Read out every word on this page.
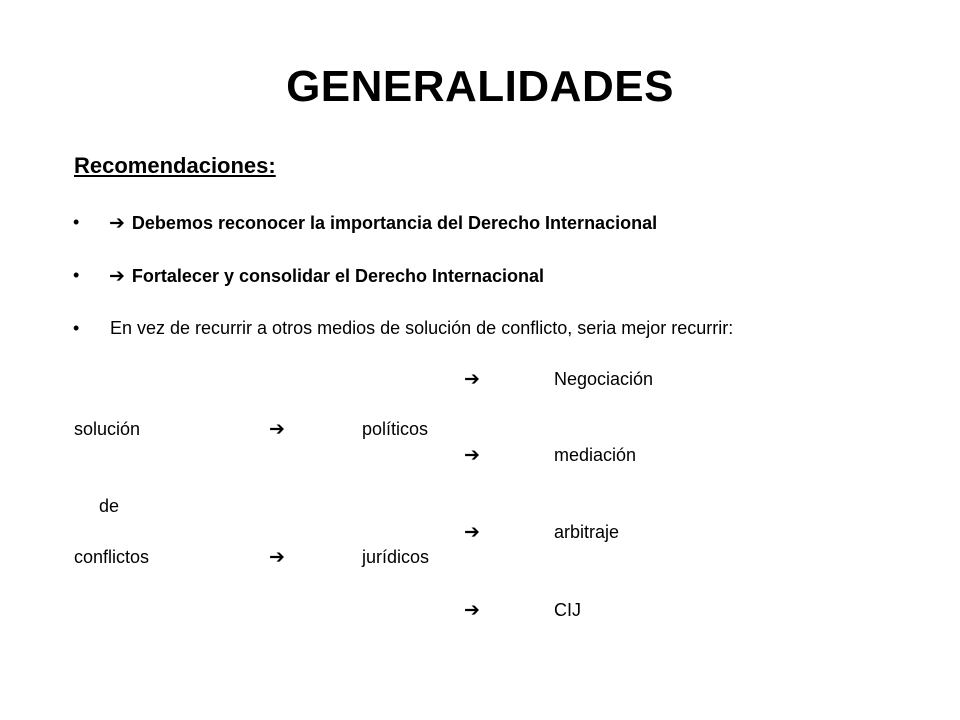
GENERALIDADES
Recomendaciones:
• ➔ Debemos reconocer la importancia del Derecho Internacional
• ➔ Fortalecer y consolidar el Derecho Internacional
• En vez de recurrir a otros medios de solución de conflicto, seria mejor recurrir:
➔	Negociación
solución	➔	políticos
➔	mediación
de
➔	arbitraje
conflictos	➔	jurídicos
➔	CIJ
